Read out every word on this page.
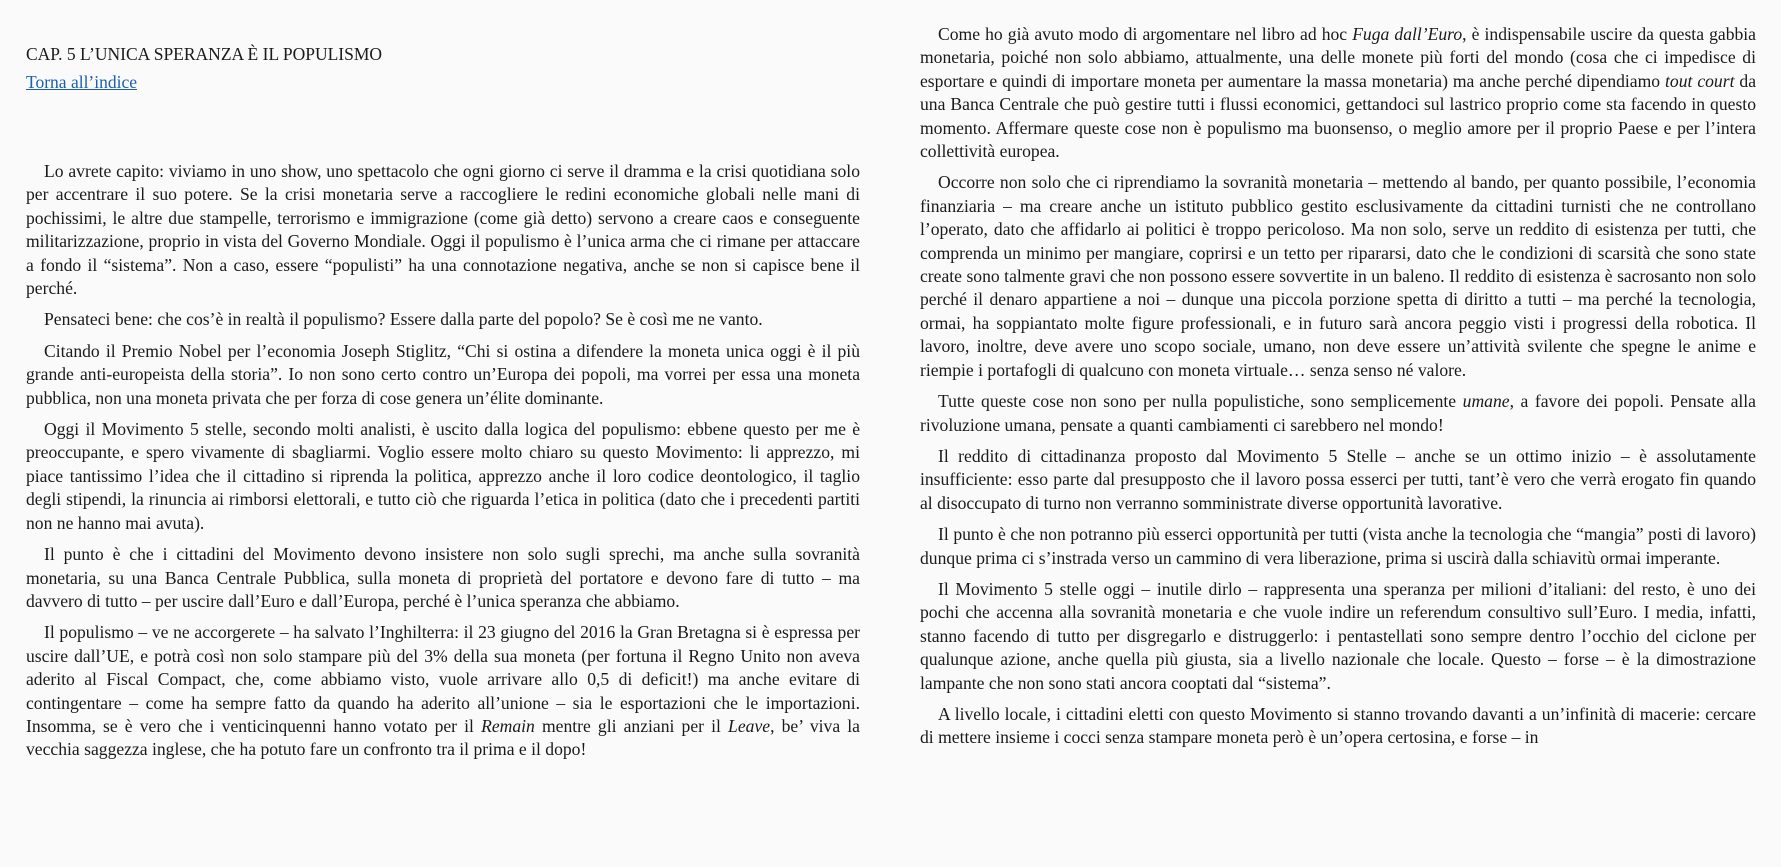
CAP. 5 L’UNICA SPERANZA È IL POPULISMO
Torna all’indice

Lo avrete capito: viviamo in uno show, uno spettacolo che ogni giorno ci serve il dramma e la crisi quotidiana solo per accentrare il suo potere. Se la crisi monetaria serve a raccogliere le redini economiche globali nelle mani di pochissimi, le altre due stampelle, terrorismo e immigrazione (come già detto) servono a creare caos e conseguente militarizzazione, proprio in vista del Governo Mondiale. Oggi il populismo è l’unica arma che ci rimane per attaccare a fondo il “sistema”. Non a caso, essere “populisti” ha una connotazione negativa, anche se non si capisce bene il perché.

Pensateci bene: che cos’è in realtà il populismo? Essere dalla parte del popolo? Se è così me ne vanto.

Citando il Premio Nobel per l’economia Joseph Stiglitz, “Chi si ostina a difendere la moneta unica oggi è il più grande anti-europeista della storia”. Io non sono certo contro un’Europa dei popoli, ma vorrei per essa una moneta pubblica, non una moneta privata che per forza di cose genera un’élite dominante.

Oggi il Movimento 5 stelle, secondo molti analisti, è uscito dalla logica del populismo: ebbene questo per me è preoccupante, e spero vivamente di sbagliarmi. Voglio essere molto chiaro su questo Movimento: li apprezzo, mi piace tantissimo l’idea che il cittadino si riprenda la politica, apprezzo anche il loro codice deontologico, il taglio degli stipendi, la rinuncia ai rimborsi elettorali, e tutto ciò che riguarda l’etica in politica (dato che i precedenti partiti non ne hanno mai avuta).

Il punto è che i cittadini del Movimento devono insistere non solo sugli sprechi, ma anche sulla sovranità monetaria, su una Banca Centrale Pubblica, sulla moneta di proprietà del portatore e devono fare di tutto – ma davvero di tutto – per uscire dall’Euro e dall’Europa, perché è l’unica speranza che abbiamo.

Il populismo – ve ne accorgerete – ha salvato l’Inghilterra: il 23 giugno del 2016 la Gran Bretagna si è espressa per uscire dall’UE, e potrà così non solo stampare più del 3% della sua moneta (per fortuna il Regno Unito non aveva aderito al Fiscal Compact, che, come abbiamo visto, vuole arrivare allo 0,5 di deficit!) ma anche evitare di contingentare – come ha sempre fatto da quando ha aderito all’unione – sia le esportazioni che le importazioni. Insomma, se è vero che i venticinquenni hanno votato per il Remain mentre gli anziani per il Leave, be’ viva la vecchia saggezza inglese, che ha potuto fare un confronto tra il prima e il dopo!

Come ho già avuto modo di argomentare nel libro ad hoc Fuga dall’Euro, è indispensabile uscire da questa gabbia monetaria, poiché non solo abbiamo, attualmente, una delle monete più forti del mondo (cosa che ci impedisce di esportare e quindi di importare moneta per aumentare la massa monetaria) ma anche perché dipendiamo tout court da una Banca Centrale che può gestire tutti i flussi economici, gettandoci sul lastrico proprio come sta facendo in questo momento. Affermare queste cose non è populismo ma buonsenso, o meglio amore per il proprio Paese e per l’intera collettività europea.

Occorre non solo che ci riprendiamo la sovranità monetaria – mettendo al bando, per quanto possibile, l’economia finanziaria – ma creare anche un istituto pubblico gestito esclusivamente da cittadini turnisti che ne controllano l’operato, dato che affidarlo ai politici è troppo pericoloso. Ma non solo, serve un reddito di esistenza per tutti, che comprenda un minimo per mangiare, coprirsi e un tetto per ripararsi, dato che le condizioni di scarsità che sono state create sono talmente gravi che non possono essere sovvertite in un baleno. Il reddito di esistenza è sacrosanto non solo perché il denaro appartiene a noi – dunque una piccola porzione spetta di diritto a tutti – ma perché la tecnologia, ormai, ha soppiantato molte figure professionali, e in futuro sarà ancora peggio visti i progressi della robotica. Il lavoro, inoltre, deve avere uno scopo sociale, umano, non deve essere un’attività svilente che spegne le anime e riempie i portafogli di qualcuno con moneta virtuale… senza senso né valore.

Tutte queste cose non sono per nulla populistiche, sono semplicemente umane, a favore dei popoli. Pensate alla rivoluzione umana, pensate a quanti cambiamenti ci sarebbero nel mondo!

Il reddito di cittadinanza proposto dal Movimento 5 Stelle – anche se un ottimo inizio – è assolutamente insufficiente: esso parte dal presupposto che il lavoro possa esserci per tutti, tant’è vero che verrà erogato fin quando al disoccupato di turno non verranno somministrate diverse opportunità lavorative.

Il punto è che non potranno più esserci opportunità per tutti (vista anche la tecnologia che “mangia” posti di lavoro) dunque prima ci s’instrada verso un cammino di vera liberazione, prima si uscirà dalla schiavitù ormai imperante.

Il Movimento 5 stelle oggi – inutile dirlo – rappresenta una speranza per milioni d’italiani: del resto, è uno dei pochi che accenna alla sovranità monetaria e che vuole indire un referendum consultivo sull’Euro. I media, infatti, stanno facendo di tutto per disgregarlo e distruggerlo: i pentastellati sono sempre dentro l’occhio del ciclone per qualunque azione, anche quella più giusta, sia a livello nazionale che locale. Questo – forse – è la dimostrazione lampante che non sono stati ancora cooptati dal “sistema”.

A livello locale, i cittadini eletti con questo Movimento si stanno trovando davanti a un’infinità di macerie: cercare di mettere insieme i cocci senza stampare moneta però è un’opera certosina, e forse – in
